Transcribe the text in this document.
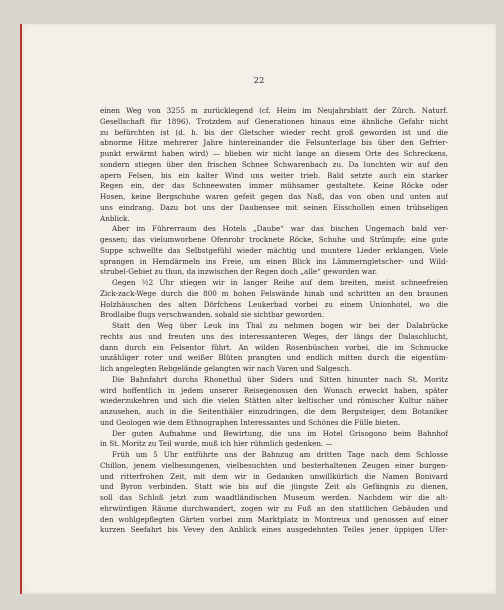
22
einen Weg von 3255 m zurücklegend (cf. Heim im Neujahrsblatt der Zürch. Naturf.
Gesellschaft für 1896). Trotzdem auf Generationen hinaus eine ähnliche Gefahr nicht
zu befürchten ist (d. h. bis der Gletscher wieder recht groß geworden ist und die
abnorme Hitze mehrerer Jahre hintereinander die Felsunterlage bis über den Gefrier-
punkt erwärmt haben wird) — blieben wir nicht lange an diesem Orte des Schreckens,
sondern stiegen über den frischen Schnee Schwarenbach zu. Da lunchten wir auf den
apern Felsen, bis ein kalter Wind uns weiter trieb. Bald setzte auch ein starker
Regen ein, der das Schneewaten immer mühsamer gestaltete. Keine Röcke oder
Hosen, keine Bergschuhe waren gefeit gegen das Naß, das von oben und unten auf
uns eindrang. Dazu bot uns der Daubensee mit seinen Eisschollen einen trübseligen
Anblick.
Aber im Führerraum des Hotels „Daube“ war das bischen Ungemach bald ver-
gessen; das vielumworbene Ofenrohr trocknete Röcke, Schuhe und Strümpfe; eine gute
Suppe schwellte das Selbstgefühl wieder mächtig und muntere Lieder erklangen. Viele
sprangen in Hemdärmeln ins Freie, um einen Blick ins Lämmerngletscher- und Wild-
strubel-Gebiet zu thun, da inzwischen der Regen doch „alle“ geworden war.
Gegen ½2 Uhr stiegen wir in langer Reihe auf dem breiten, meist schneefreien
Zick-zack-Wege durch die 800 m hohen Felswände hinab und schritten an den braunen
Holzhäuschen des alten Dörfchens Leukerbad vorbei zu einem Unionhotel, wo die
Brodlaibe flugs verschwanden, sobald sie sichtbar geworden.
Statt den Weg über Leuk ins Thal zu nehmen bogen wir bei der Dalabrücke
rechts aus und freuten uns des interessanteren Weges, der längs der Dalaschlucht,
dann durch ein Felsentor führt. An wilden Rosenbüschen vorbei, die im Schmucke
unzähliger roter und weißer Blüten prangten und endlich mitten durch die eigentüm-
lich angelegten Rebgelände gelangten wir nach Varen und Salgesch.
Die Bahnfahrt durchs Rhonethal über Siders und Sitten hinunter nach St. Moritz
wird hoffentlich in jedem unserer Reisegenossen den Wunsch erweckt haben, später
wiederzukehren und sich die vielen Stätten alter keltischer und römischer Kultur näher
anzusehen, auch in die Seitenthäler einzudringen, die dem Bergsteiger, dem Botaniker
und Geologen wie dem Ethnographen Interessantes und Schönes die Fülle bieten.
Der guten Aufnahme und Bewirtung, die uns im Hotel Grisogono beim Bahnhof
in St. Moritz zu Teil wurde, muß ich hier rühmlich gedenken. —
Früh um 5 Uhr entführte uns der Bahnzug am dritten Tage nach dem Schlosse
Chillon, jenem vielbesungenen, vielbesuchten und besterhaltenen Zeugen einer burgen-
und ritterfrohen Zeit, mit dem wir in Gedanken unwillkürlich die Namen Bonivard
und Byron verbinden. Statt wie bis auf die jüngste Zeit als Gefängnis zu dienen,
soll das Schloß jetzt zum waadtländischen Museum werden. Nachdem wir die alt-
ehrwürdigen Räume durchwandert, zogen wir zu Fuß an den stattlichen Gebäuden und
den wohlgepflegten Gärten vorbei zum Marktplatz in Montreux und genossen auf einer
kurzen Seefahrt bis Vevey den Anblick eines ausgedehnten Teiles jener üppigen Ufer-
